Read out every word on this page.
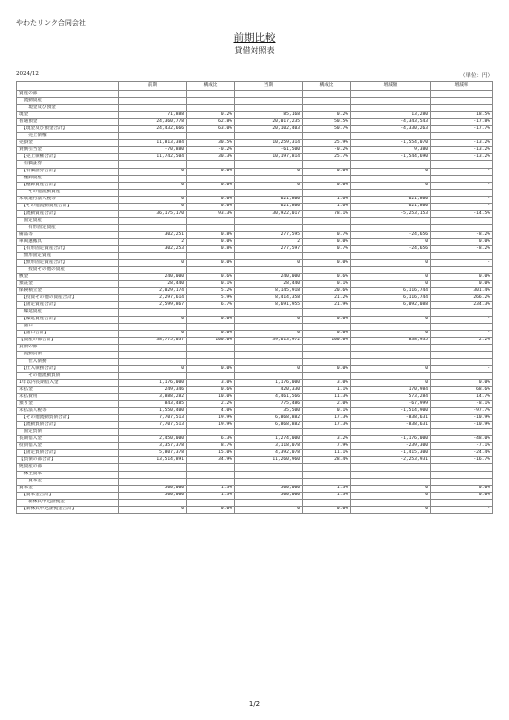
やわたリンク合同会社
前期比較
貸借対照表
2024/12	（単位：円）
	前期	構成比	当期	構成比	増減額	増減率
資産の部						
　流動資産						
　　現金及び預金						
現金	71,888	0.2%	85,168	0.2%	13,280	18.5%
普通預金	24,360,778	62.8%	20,017,235	50.5%	-4,343,543	-17.8%
　【現金及び預金合計】	24,432,666	63.0%	20,102,403	50.7%	-4,330,263	-17.7%
　　売上債権						
売掛金	11,813,384	30.5%	10,259,314	25.9%	-1,554,070	-13.2%
貸倒引当金	-70,880	-0.2%	-61,500	-0.2%	9,380	-13.2%
　【売上債権合計】	11,742,504	30.3%	10,197,814	25.7%	-1,544,690	-13.2%
　有価証券						
　【有価証券合計】	0	0.0%	0	0.0%	0	-
　棚卸資産						
　【棚卸資産合計】	0	0.0%	0	0.0%	0	-
　　その他流動資産						
未収還付法人税等	0	0.0%	621,800	1.6%	621,800	-
　【その他流動資産合計】	0	0.0%	621,800	1.6%	621,800	-
　【流動資産合計】	36,175,170	93.3%	30,922,017	78.1%	-5,253,153	-14.5%
　固定資産						
　　有形固定資産						
備品等	302,251	0.8%	277,595	0.7%	-24,656	-8.2%
車両運搬具	2	0.0%	2	0.0%	0	0.0%
　【有形固定資産合計】	302,253	0.8%	277,597	0.7%	-24,656	-8.2%
　無形固定資産						
　【無形固定資産合計】	0	0.0%	0	0.0%	0	-
　　投資その他の資産						
敷金	240,000	0.6%	240,000	0.6%	0	0.0%
預託金	28,440	0.1%	28,440	0.1%	0	0.0%
保険積立金	2,029,174	5.2%	8,145,918	20.6%	6,116,744	301.4%
　【投資その他の資産合計】	2,297,614	5.9%	8,414,358	21.2%	6,116,744	266.2%
　【固定資産合計】	2,599,867	6.7%	8,691,955	21.9%	6,092,088	234.3%
　繰延資産						
　【繰延資産合計】	0	0.0%	0	0.0%	0	-
　諸口						
　【諸口合計】	0	0.0%	0	0.0%	0	-
【資産の部合計】	38,775,037	100.0%	39,613,972	100.0%	838,935	2.2%
負債の部						
　流動負債						
　　仕入債務						
　【仕入債務合計】	0	0.0%	0	0.0%	0	-
　　その他流動負債						
1年以内長期借入金	1,176,000	3.0%	1,176,000	3.0%	0	0.0%
未払金	249,346	0.6%	420,330	1.1%	170,984	68.6%
未払費用	3,888,282	10.0%	4,461,566	11.3%	573,284	14.7%
預り金	843,485	2.2%	775,486	2.0%	-67,999	-8.1%
未払法人税等	1,550,400	4.0%	35,500	0.1%	-1,514,900	-97.7%
　【その他流動負債合計】	7,707,513	19.9%	6,868,882	17.3%	-838,631	-10.9%
　【流動負債合計】	7,707,513	19.9%	6,868,882	17.3%	-838,631	-10.9%
　固定負債						
長期借入金	2,450,000	6.3%	1,274,000	3.2%	-1,176,000	-48.0%
役員借入金	3,357,378	8.7%	3,118,078	7.9%	-239,300	-7.1%
　【固定負債合計】	5,807,378	15.0%	4,392,078	11.1%	-1,415,300	-24.4%
【負債の部合計】	13,514,891	34.9%	11,260,960	28.4%	-2,253,931	-16.7%
純資産の部						
　株主資本						
　　資本金						
資本金	500,000	1.3%	500,000	1.3%	0	0.0%
　【資本金合計】	500,000	1.3%	500,000	1.3%	0	0.0%
　　新株式申込証拠金						
　【新株式申込証拠金合計】	0	0.0%	0	0.0%	0	-
1/2
